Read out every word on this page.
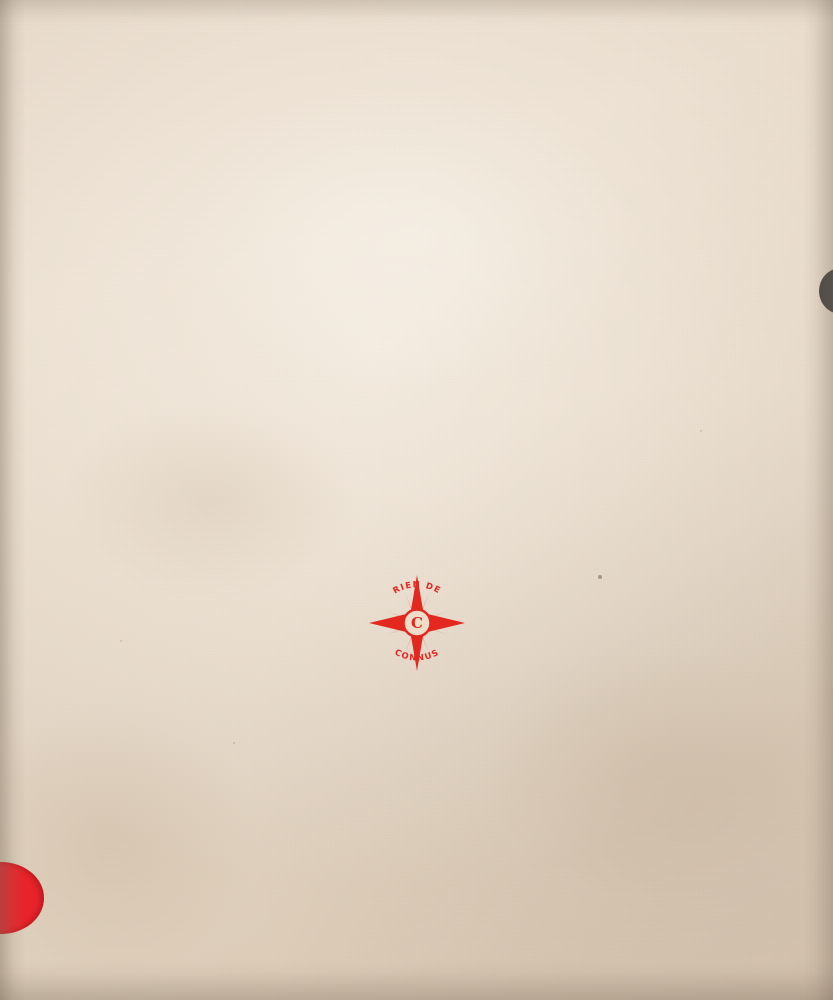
C
RIEN DE
CONNUS
